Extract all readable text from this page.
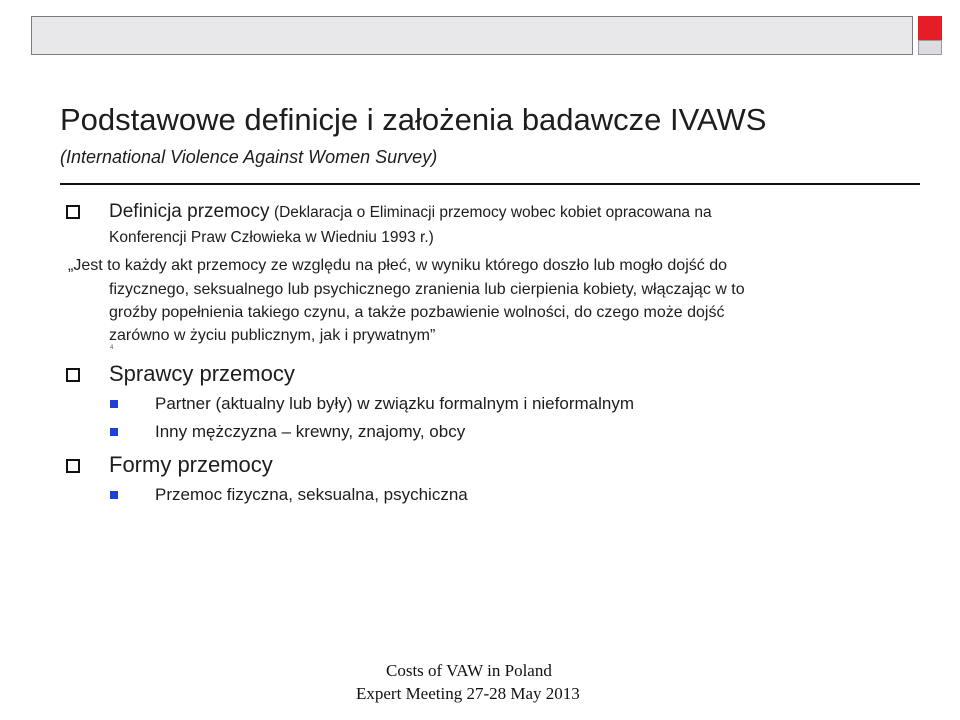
Podstawowe definicje i założenia badawcze IVAWS
(International Violence Against Women Survey)
Definicja przemocy (Deklaracja o Eliminacji przemocy wobec kobiet opracowana na
Konferencji Praw Człowieka w Wiedniu 1993 r.)
„Jest to każdy akt przemocy ze względu na płeć, w wyniku którego doszło lub mogło dojść do
fizycznego, seksualnego lub psychicznego zranienia lub cierpienia kobiety, włączając w to
groźby popełnienia takiego czynu, a także pozbawienie wolności, do czego może dojść
zarówno w życiu publicznym, jak i prywatnym”
4
Sprawcy przemocy
Partner (aktualny lub były) w związku formalnym i nieformalnym
Inny mężczyzna – krewny, znajomy, obcy
Formy przemocy
Przemoc fizyczna, seksualna, psychiczna
Costs of VAW in Poland
Expert Meeting 27-28 May 2013
